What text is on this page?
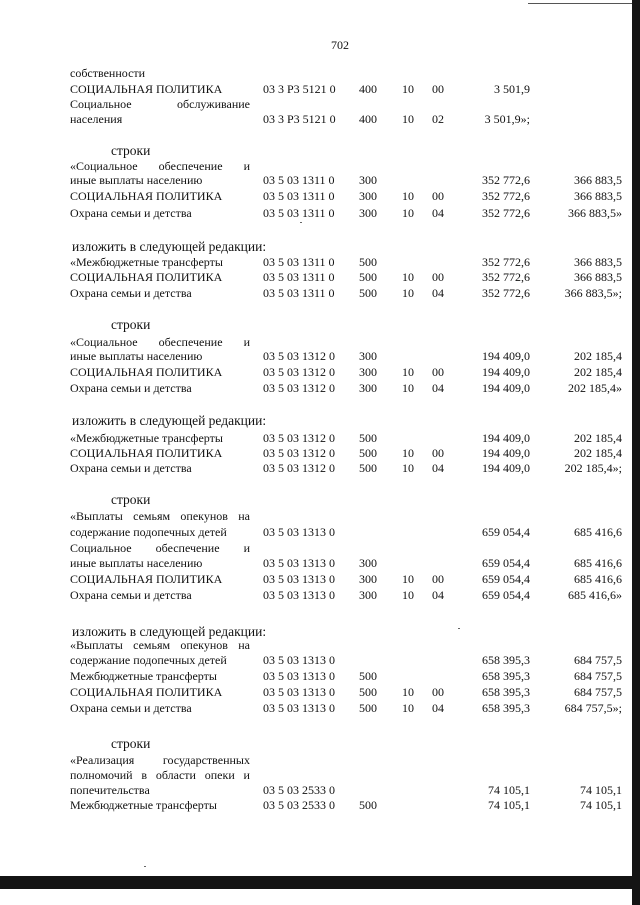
702
строки
изложить в следующей редакции:
строки
изложить в следующей редакции:
строки
изложить в следующей редакции:
строки
собственности
СОЦИАЛЬНАЯ ПОЛИТИКА	03 3 Р3 5121 0 400 10 00	3 501,9
Социальное	обслуживание
населения	03 3 Р3 5121 0 400 10 02	3 501,9»;
«Социальное обеспечение и
иные выплаты населению	03 5 03 1311 0 300	352 772,6	366 883,5
СОЦИАЛЬНАЯ ПОЛИТИКА	03 5 03 1311 0 300 10 00	352 772,6	366 883,5
Охрана семьи и детства	03 5 03 1311 0 300 10 04	352 772,6	366 883,5»
«Межбюджетные трансферты	03 5 03 1311 0 500	352 772,6	366 883,5
СОЦИАЛЬНАЯ ПОЛИТИКА	03 5 03 1311 0 500 10 00	352 772,6	366 883,5
Охрана семьи и детства	03 5 03 1311 0 500 10 04	352 772,6	366 883,5»;
«Социальное обеспечение и
иные выплаты населению	03 5 03 1312 0 300	194 409,0	202 185,4
СОЦИАЛЬНАЯ ПОЛИТИКА	03 5 03 1312 0 300 10 00	194 409,0	202 185,4
Охрана семьи и детства	03 5 03 1312 0 300 10 04	194 409,0	202 185,4»
«Межбюджетные трансферты	03 5 03 1312 0 500	194 409,0	202 185,4
СОЦИАЛЬНАЯ ПОЛИТИКА	03 5 03 1312 0 500 10 00	194 409,0	202 185,4
Охрана семьи и детства	03 5 03 1312 0 500 10 04	194 409,0	202 185,4»;
«Выплаты семьям опекунов на
содержание подопечных детей	03 5 03 1313 0	659 054,4	685 416,6
Социальное обеспечение и
иные выплаты населению	03 5 03 1313 0 300	659 054,4	685 416,6
СОЦИАЛЬНАЯ ПОЛИТИКА	03 5 03 1313 0 300 10 00	659 054,4	685 416,6
Охрана семьи и детства	03 5 03 1313 0 300 10 04	659 054,4	685 416,6»
«Выплаты семьям опекунов на
содержание подопечных детей	03 5 03 1313 0	658 395,3	684 757,5
Межбюджетные трансферты	03 5 03 1313 0 500	658 395,3	684 757,5
СОЦИАЛЬНАЯ ПОЛИТИКА	03 5 03 1313 0 500 10 00	658 395,3	684 757,5
Охрана семьи и детства	03 5 03 1313 0 500 10 04	658 395,3	684 757,5»;
«Реализация государственных
полномочий в области опеки и
попечительства	03 5 03 2533 0	74 105,1	74 105,1
Межбюджетные трансферты	03 5 03 2533 0 500	74 105,1	74 105,1
